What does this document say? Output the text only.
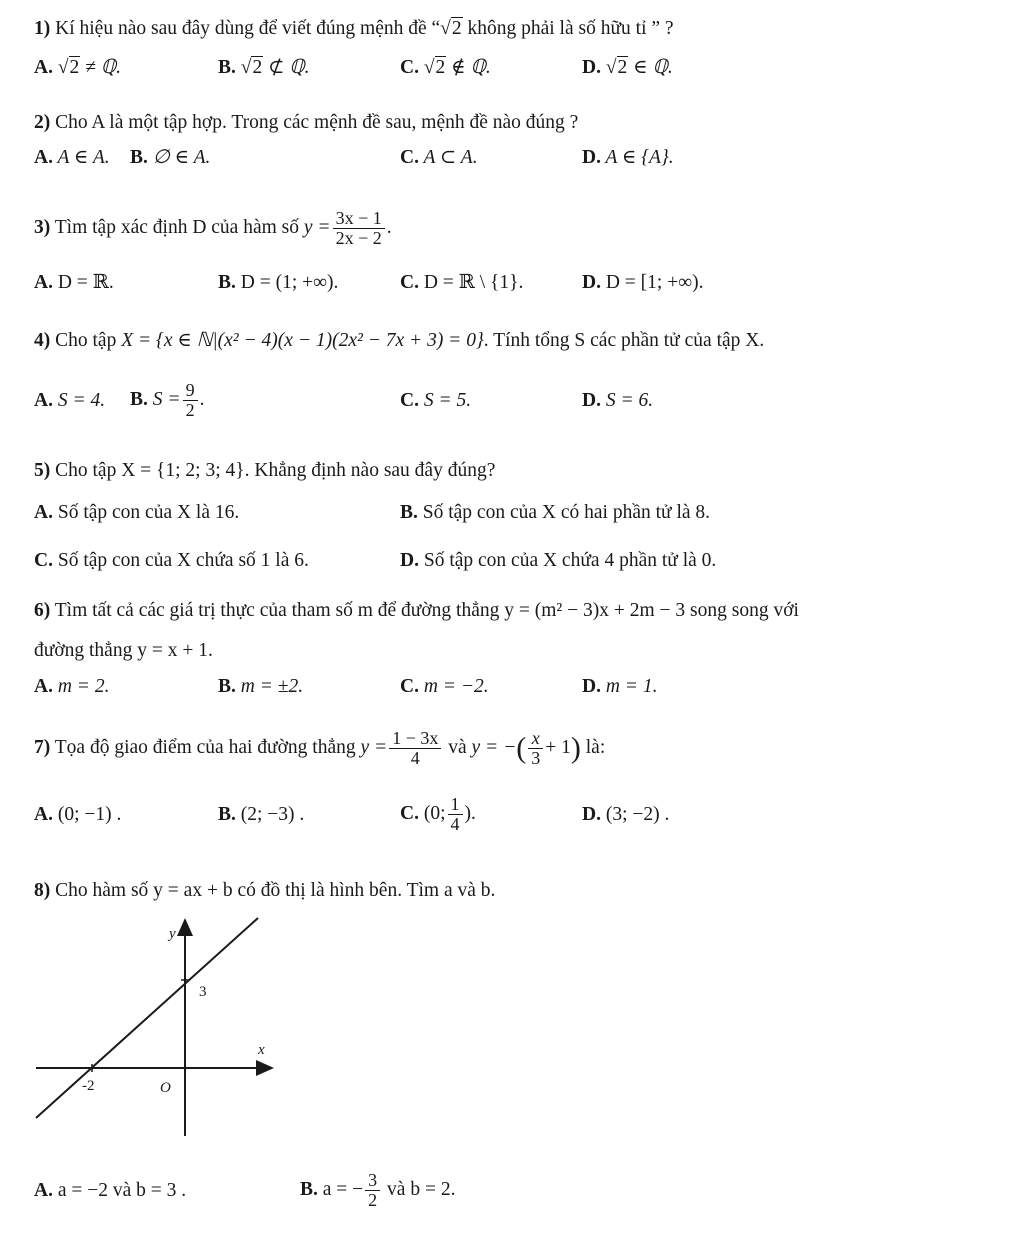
1) Kí hiệu nào sau đây dùng để viết đúng mệnh đề “√2 không phải là số hữu tỉ ” ?
A. √2 ≠ ℚ.	B. √2 ⊄ ℚ.	C. √2 ∉ ℚ.	D. √2 ∈ ℚ.
2) Cho A là một tập hợp. Trong các mệnh đề sau, mệnh đề nào đúng ?
A. A ∈ A. B. ∅ ∈ A.	C. A ⊂ A.	D. A ∈ {A}.
3) Tìm tập xác định D của hàm số $y = \frac{3x - 1}{2x - 2}$ .
A. D = ℝ.	B. D = (1; +∞).	C. D = ℝ \ {1}.	D. D = [1; +∞).
4) Cho tập X = {x ∈ ℕ|(x² − 4)(x − 1)(2x² − 7x + 3) = 0}. Tính tổng S các phần tử của tập X.
A. S = 4. B. $S = \frac{9}{2}$ .	C. S = 5.	D. S = 6.
5) Cho tập X = {1; 2; 3; 4}. Khẳng định nào sau đây đúng?
A. Số tập con của X là 16.	B. Số tập con của X có hai phần tử là 8.
C. Số tập con của X chứa số 1 là 6.	D. Số tập con của X chứa 4 phần tử là 0.
6) Tìm tất cả các giá trị thực của tham số m để đường thẳng y = (m² − 3)x + 2m − 3 song song với
đường thẳng y = x + 1.
A. m = 2.	B. m = ±2.	C. m = −2.	D. m = 1.
7) Tọa độ giao điểm của hai đường thẳng $y = \frac{1 - 3x}{4}$ và y = −( $\frac{x}{3} + 1$) là:
A. (0; −1) .	B. (2; −3) .	C. (0; $\frac{1}{4}$ ).	D. (3; −2) .
8) Cho hàm số y = ax + b có đồ thị là hình bên. Tìm a và b.
y
x
3
-2	O
A. a = −2 và b = 3 .	B. a = − $\frac{3}{2}$ và b = 2.
